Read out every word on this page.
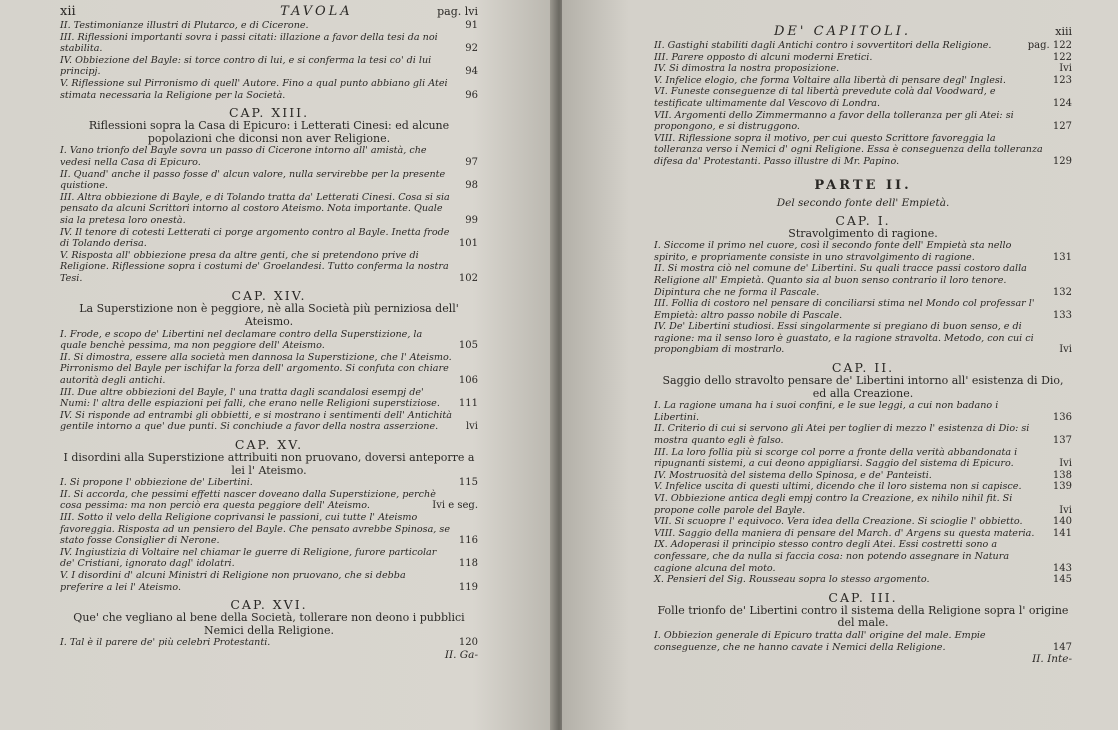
xii	TAVOLA	pag. lvi

II. Testimonianze illustri di Plutarco, e di Cicerone.	91

III. Riflessioni importanti sovra i passi citati: illazione a favor della tesi da noi stabilita.	92

IV. Obbiezione del Bayle: si torce contro di lui, e si conferma la tesi co' di lui principj.	94

V. Riflessione sul Pirronismo di quell' Autore. Fino a qual punto abbiano gli Atei stimata necessaria la Religione per la Società.	96

CAP. XIII.
Riflessioni sopra la Casa di Epicuro: i Letterati Cinesi: ed alcune popolazioni che diconsi non aver Religione.

I. Vano trionfo del Bayle sovra un passo di Cicerone intorno all' amistà, che vedesi nella Casa di Epicuro.	97

II. Quand' anche il passo fosse d' alcun valore, nulla servirebbe per la presente quistione.	98

III. Altra obbiezione di Bayle, e di Tolando tratta da' Letterati Cinesi. Cosa si sia pensato da alcuni Scrittori intorno al costoro Ateismo. Nota importante. Quale sia la pretesa loro onestà.	99

IV. Il tenore di cotesti Letterati ci porge argomento contro al Bayle. Inetta frode di Tolando derisa.	101

V. Risposta all' obbiezione presa da altre genti, che si pretendono prive di Religione. Riflessione sopra i costumi de' Groelandesi. Tutto conferma la nostra Tesi.	102

CAP. XIV.
La Superstizione non è peggiore, nè alla Società più perniziosa dell' Ateismo.

I. Frode, e scopo de' Libertini nel declamare contro della Superstizione, la quale benchè pessima, ma non peggiore dell' Ateismo.	105

II. Si dimostra, essere alla società men dannosa la Superstizione, che l' Ateismo. Pirronismo del Bayle per ischifar la forza dell' argomento. Si confuta con chiare autorità degli antichi.	106

III. Due altre obbiezioni del Bayle, l' una tratta dagli scandalosi esempj de' Numi: l' altra delle espiazioni pei falli, che erano nelle Religioni superstiziose. 111

IV. Si risponde ad entrambi gli obbietti, e si mostrano i sentimenti dell' Antichità gentile intorno a que' due punti. Si conchiude a favor della nostra asserzione.	lvi

CAP. XV.
I disordini alla Superstizione attribuiti non pruovano, doversi anteporre a lei l' Ateismo.

I. Si propone l' obbiezione de' Libertini.	115

II. Si accorda, che pessimi effetti nascer doveano dalla Superstizione, perchè cosa pessima: ma non perciò era questa peggiore dell' Ateismo.	Ivi e seg.

III. Sotto il velo della Religione coprivansi le passioni, cui tutte l' Ateismo favoreggia. Risposta ad un pensiero del Bayle. Che pensato avrebbe Spinosa, se stato fosse Consiglier di Nerone.	116

IV. Ingiustizia di Voltaire nel chiamar le guerre di Religione, furore particolar de' Cristiani, ignorato dagl' idolatri.	118

V. I disordini d' alcuni Ministri di Religione non pruovano, che si debba preferire a lei l' Ateismo.	119

CAP. XVI.
Que' che vegliano al bene della Società, tollerare non deono i pubblici Nemici della Religione.

I. Tal è il parere de' più celebri Protestanti.	120

II. Ga-
DE' CAPITOLI.	xiii

II. Gastighi stabiliti dagli Antichi contro i sovvertitori della Religione.	pag. 122

III. Parere opposto di alcuni moderni Eretici.	122

IV. Si dimostra la nostra proposizione.	Ivi

V. Infelice elogio, che forma Voltaire alla libertà di pensare degl' Inglesi.	123

VI. Funeste conseguenze di tal libertà prevedute colà dal Voodward, e testificate ultimamente dal Vescovo di Londra.	124

VII. Argomenti dello Zimmermanno a favor della tolleranza per gli Atei: si propongono, e si distruggono.	127

VIII. Riflessione sopra il motivo, per cui questo Scrittore favoreggia la tolleranza verso i Nemici d' ogni Religione. Essa è conseguenza della tolleranza difesa da' Protestanti. Passo illustre di Mr. Papino.	129

PARTE II.
Del secondo fonte dell' Empietà.
CAP. I.
Stravolgimento di ragione.

I. Siccome il primo nel cuore, così il secondo fonte dell' Empietà sta nello spirito, e propriamente consiste in uno stravolgimento di ragione.	131

II. Si mostra ciò nel comune de' Libertini. Su quali tracce passi costoro dalla Religione all' Empietà. Quanto sia al buon senso contrario il loro tenore. Dipintura che ne forma il Pascale.	132

III. Follia di costoro nel pensare di conciliarsi stima nel Mondo col professar l' Empietà: altro passo nobile di Pascale.	133

IV. De' Libertini studiosi. Essi singolarmente si pregiano di buon senso, e di ragione: ma il senso loro è guastato, e la ragione stravolta. Metodo, con cui ci propongbiam di mostrarlo.	Ivi

CAP. II.
Saggio dello stravolto pensare de' Libertini intorno all' esistenza di Dio, ed alla Creazione.

I. La ragione umana ha i suoi confini, e le sue leggi, a cui non badano i Libertini.	136

II. Criterio di cui si servono gli Atei per toglier di mezzo l' esistenza di Dio: si mostra quanto egli è falso.	137

III. La loro follia più si scorge col porre a fronte della verità abbandonata i ripugnanti sistemi, a cui deono appigliarsi. Saggio del sistema di Epicuro.	Ivi

IV. Mostruosità del sistema dello Spinosa, e de' Panteisti.	138

V. Infelice uscita di questi ultimi, dicendo che il loro sistema non si capisce.	139

VI. Obbiezione antica degli empj contro la Creazione, ex nihilo nihil fit. Si propone colle parole del Bayle.	Ivi

VII. Si scuopre l' equivoco. Vera idea della Creazione. Si scioglie l' obbietto.	140

VIII. Saggio della maniera di pensare del March. d' Argens su questa materia. 141

IX. Adoperasi il principio stesso contro degli Atei. Essi costretti sono a confessare, che da nulla si faccia cosa: non potendo assegnare in Natura cagione alcuna del moto.	143

X. Pensieri del Sig. Rousseau sopra lo stesso argomento.	145

CAP. III.
Folle trionfo de' Libertini contro il sistema della Religione sopra l' origine del male.

I. Obbiezion generale di Epicuro tratta dall' origine del male. Empie conseguenze, che ne hanno cavate i Nemici della Religione.	147

II. Inte-
